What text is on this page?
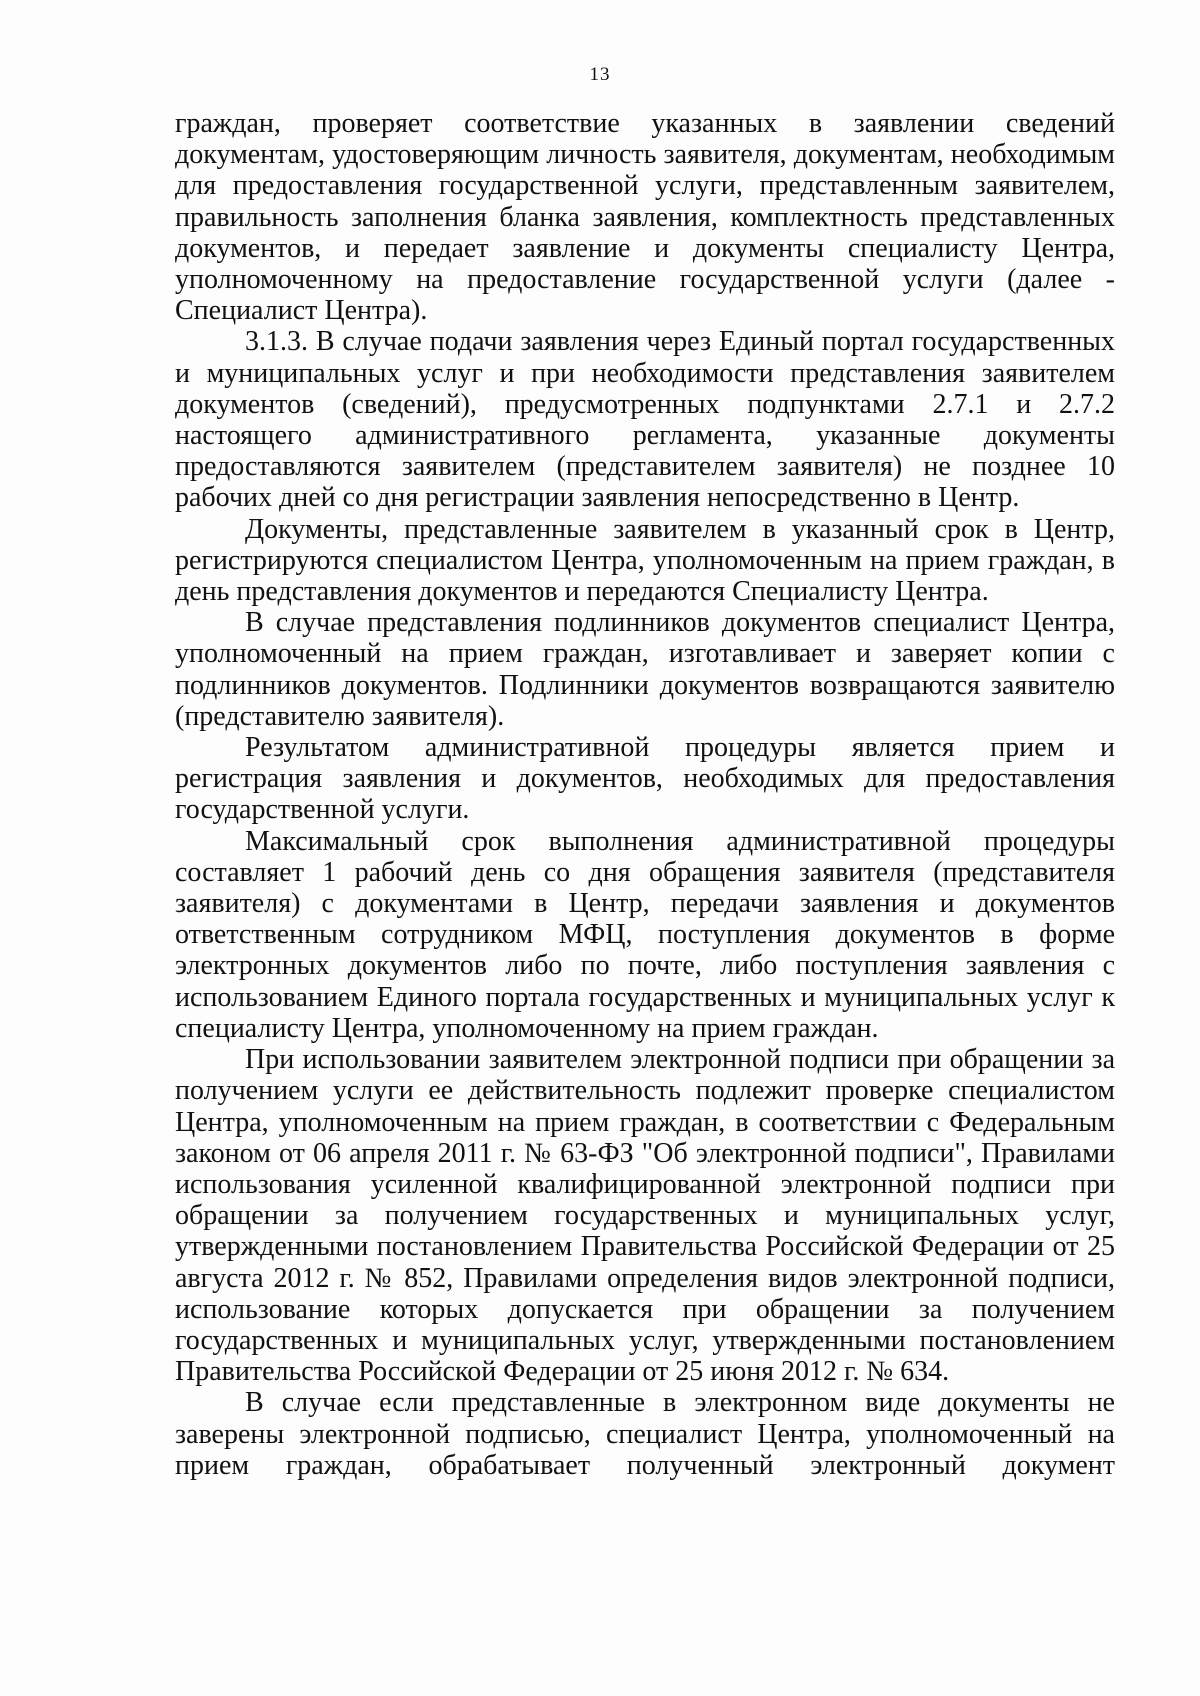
13

граждан, проверяет соответствие указанных в заявлении сведений документам, удостоверяющим личность заявителя, документам, необходимым для предоставления государственной услуги, представленным заявителем, правильность заполнения бланка заявления, комплектность представленных документов, и передает заявление и документы специалисту Центра, уполномоченному на предоставление государственной услуги (далее - Специалист Центра).

3.1.3. В случае подачи заявления через Единый портал государственных и муниципальных услуг и при необходимости представления заявителем документов (сведений), предусмотренных подпунктами 2.7.1 и 2.7.2 настоящего административного регламента, указанные документы предоставляются заявителем (представителем заявителя) не позднее 10 рабочих дней со дня регистрации заявления непосредственно в Центр.

Документы, представленные заявителем в указанный срок в Центр, регистрируются специалистом Центра, уполномоченным на прием граждан, в день представления документов и передаются Специалисту Центра.

В случае представления подлинников документов специалист Центра, уполномоченный на прием граждан, изготавливает и заверяет копии с подлинников документов. Подлинники документов возвращаются заявителю (представителю заявителя).

Результатом административной процедуры является прием и регистрация заявления и документов, необходимых для предоставления государственной услуги.

Максимальный срок выполнения административной процедуры составляет 1 рабочий день со дня обращения заявителя (представителя заявителя) с документами в Центр, передачи заявления и документов ответственным сотрудником МФЦ, поступления документов в форме электронных документов либо по почте, либо поступления заявления с использованием Единого портала государственных и муниципальных услуг к специалисту Центра, уполномоченному на прием граждан.

При использовании заявителем электронной подписи при обращении за получением услуги ее действительность подлежит проверке специалистом Центра, уполномоченным на прием граждан, в соответствии с Федеральным законом от 06 апреля 2011 г. № 63-ФЗ "Об электронной подписи", Правилами использования усиленной квалифицированной электронной подписи при обращении за получением государственных и муниципальных услуг, утвержденными постановлением Правительства Российской Федерации от 25 августа 2012 г. № 852, Правилами определения видов электронной подписи, использование которых допускается при обращении за получением государственных и муниципальных услуг, утвержденными постановлением Правительства Российской Федерации от 25 июня 2012 г. № 634.

В случае если представленные в электронном виде документы не заверены электронной подписью, специалист Центра, уполномоченный на прием граждан, обрабатывает полученный электронный документ
